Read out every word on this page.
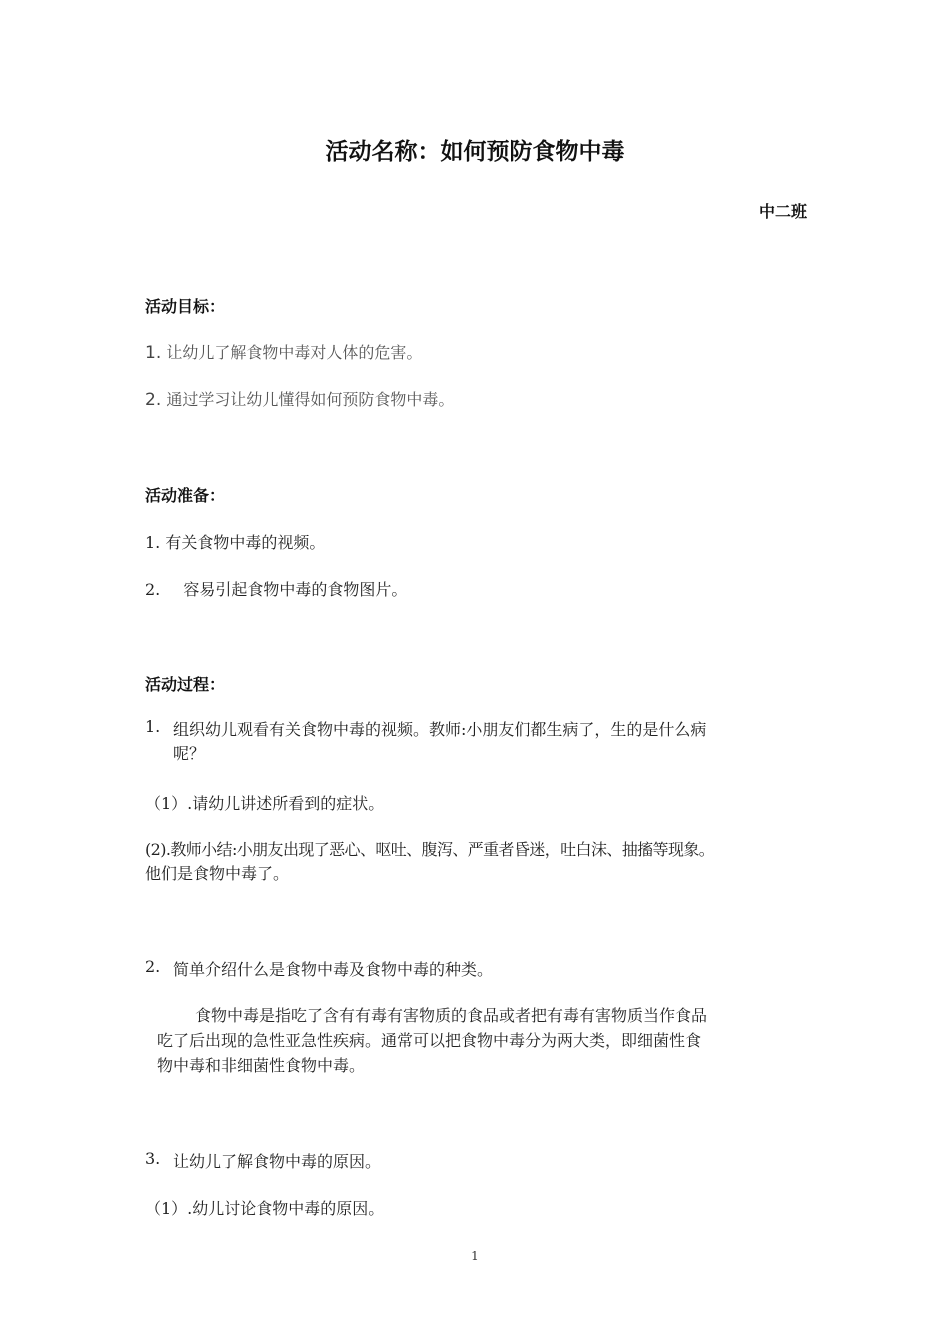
活动名称：如何预防食物中毒
中二班
活动目标：
1. 让幼儿了解食物中毒对人体的危害。
2. 通过学习让幼儿懂得如何预防食物中毒。
活动准备：
1. 有关食物中毒的视频。
2. 容易引起食物中毒的食物图片。
活动过程：
1. 组织幼儿观看有关食物中毒的视频。教师:小朋友们都生病了，生的是什么病
呢？
（1）.请幼儿讲述所看到的症状。
(2).教师小结:小朋友出现了恶心、呕吐、腹泻、严重者昏迷，吐白沫、抽搐等现象。
他们是食物中毒了。
2. 简单介绍什么是食物中毒及食物中毒的种类。
食物中毒是指吃了含有有毒有害物质的食品或者把有毒有害物质当作食品
吃了后出现的急性亚急性疾病。通常可以把食物中毒分为两大类，即细菌性食
物中毒和非细菌性食物中毒。
3. 让幼儿了解食物中毒的原因。
（1）.幼儿讨论食物中毒的原因。
1
